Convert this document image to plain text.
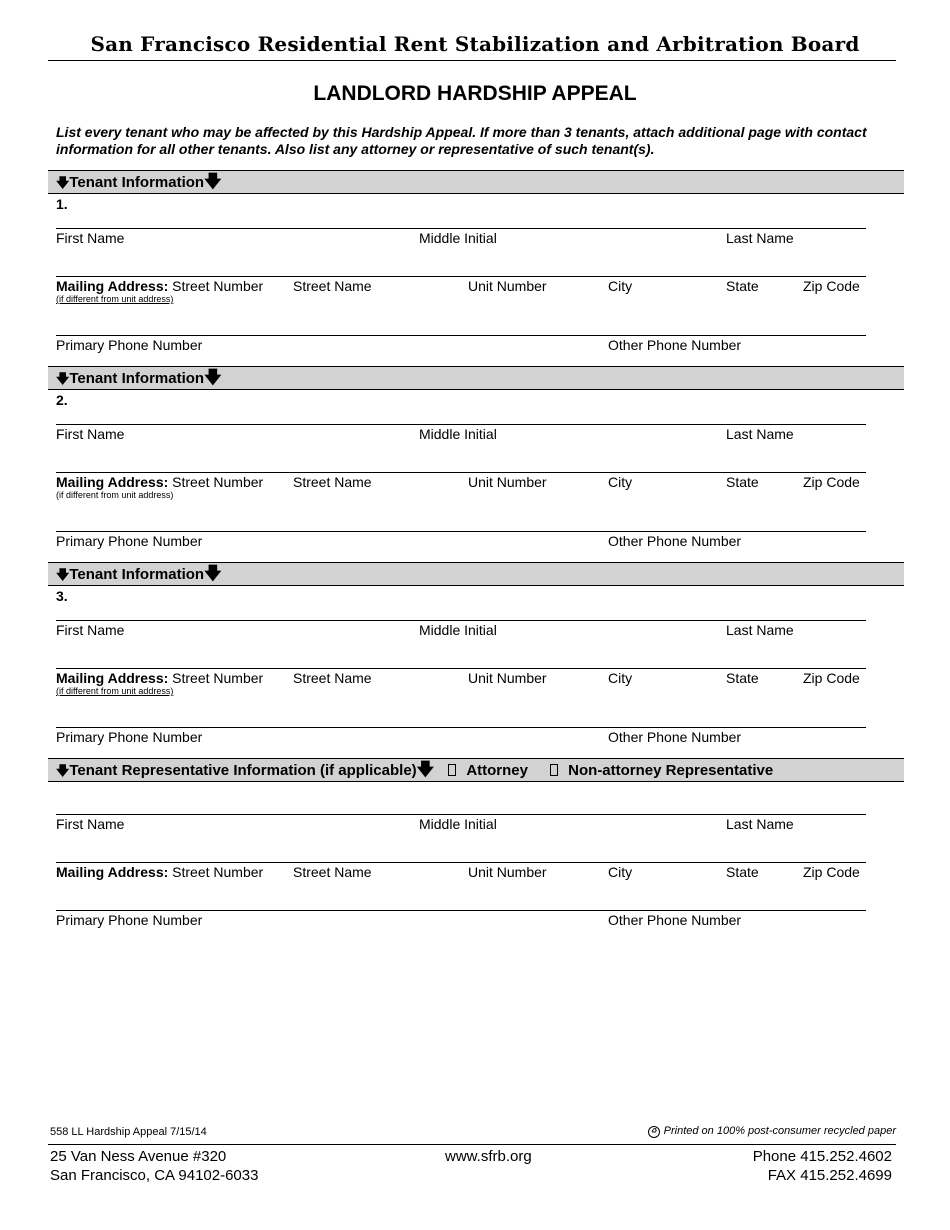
San Francisco Residential Rent Stabilization and Arbitration Board
LANDLORD HARDSHIP APPEAL
List every tenant who may be affected by this Hardship Appeal. If more than 3 tenants, attach additional page with contact information for all other tenants. Also list any attorney or representative of such tenant(s).
🡇Tenant Information🡇
1.
First Name	Middle Initial	Last Name
Mailing Address: Street Number Street Name	Unit Number	City	State	Zip Code
(if different from unit address)
Primary Phone Number	Other Phone Number
🡇Tenant Information🡇
2.
First Name	Middle Initial	Last Name
Mailing Address: Street Number Street Name	Unit Number	City	State	Zip Code
(if different from unit address)
Primary Phone Number	Other Phone Number
🡇Tenant Information🡇
3.
First Name	Middle Initial	Last Name
Mailing Address: Street Number Street Name	Unit Number	City	State	Zip Code
(if different from unit address)
Primary Phone Number	Other Phone Number
🡇Tenant Representative Information (if applicable)🡇 Attorney	Non-attorney Representative
First Name	Middle Initial	Last Name
Mailing Address: Street Number Street Name	Unit Number	City	State	Zip Code
Primary Phone Number	Other Phone Number
558 LL Hardship Appeal 7/15/14	♻ Printed on 100% post-consumer recycled paper
25 Van Ness Avenue #320
San Francisco, CA 94102-6033
www.sfrb.org	Phone 415.252.4602
FAX 415.252.4699
